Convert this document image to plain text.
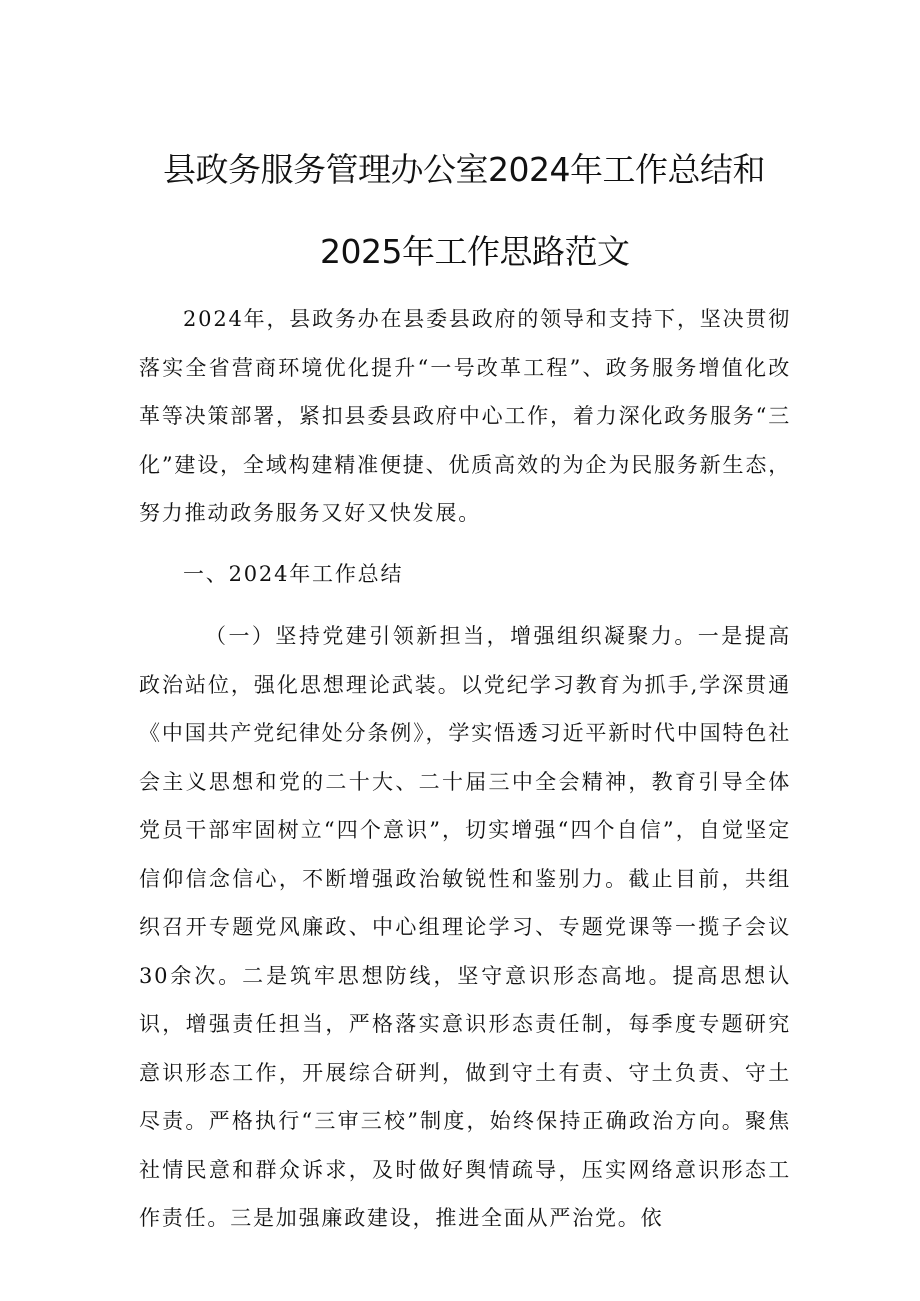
县政务服务管理办公室2024年工作总结和
2025年工作思路范文

2024年，县政务办在县委县政府的领导和支持下，坚决贯彻落实全省营商环境优化提升“一号改革工程”、政务服务增值化改革等决策部署，紧扣县委县政府中心工作，着力深化政务服务“三化”建设，全域构建精准便捷、优质高效的为企为民服务新生态，努力推动政务服务又好又快发展。

一、2024年工作总结

（一）坚持党建引领新担当，增强组织凝聚力。一是提高政治站位，强化思想理论武装。以党纪学习教育为抓手,学深贯通《中国共产党纪律处分条例》，学实悟透习近平新时代中国特色社会主义思想和党的二十大、二十届三中全会精神，教育引导全体党员干部牢固树立“四个意识”，切实增强“四个自信”，自觉坚定信仰信念信心，不断增强政治敏锐性和鉴别力。截止目前，共组织召开专题党风廉政、中心组理论学习、专题党课等一揽子会议30余次。二是筑牢思想防线，坚守意识形态高地。提高思想认识，增强责任担当，严格落实意识形态责任制，每季度专题研究意识形态工作，开展综合研判，做到守土有责、守土负责、守土尽责。严格执行“三审三校”制度，始终保持正确政治方向。聚焦社情民意和群众诉求，及时做好舆情疏导，压实网络意识形态工作责任。三是加强廉政建设，推进全面从严治党。依
